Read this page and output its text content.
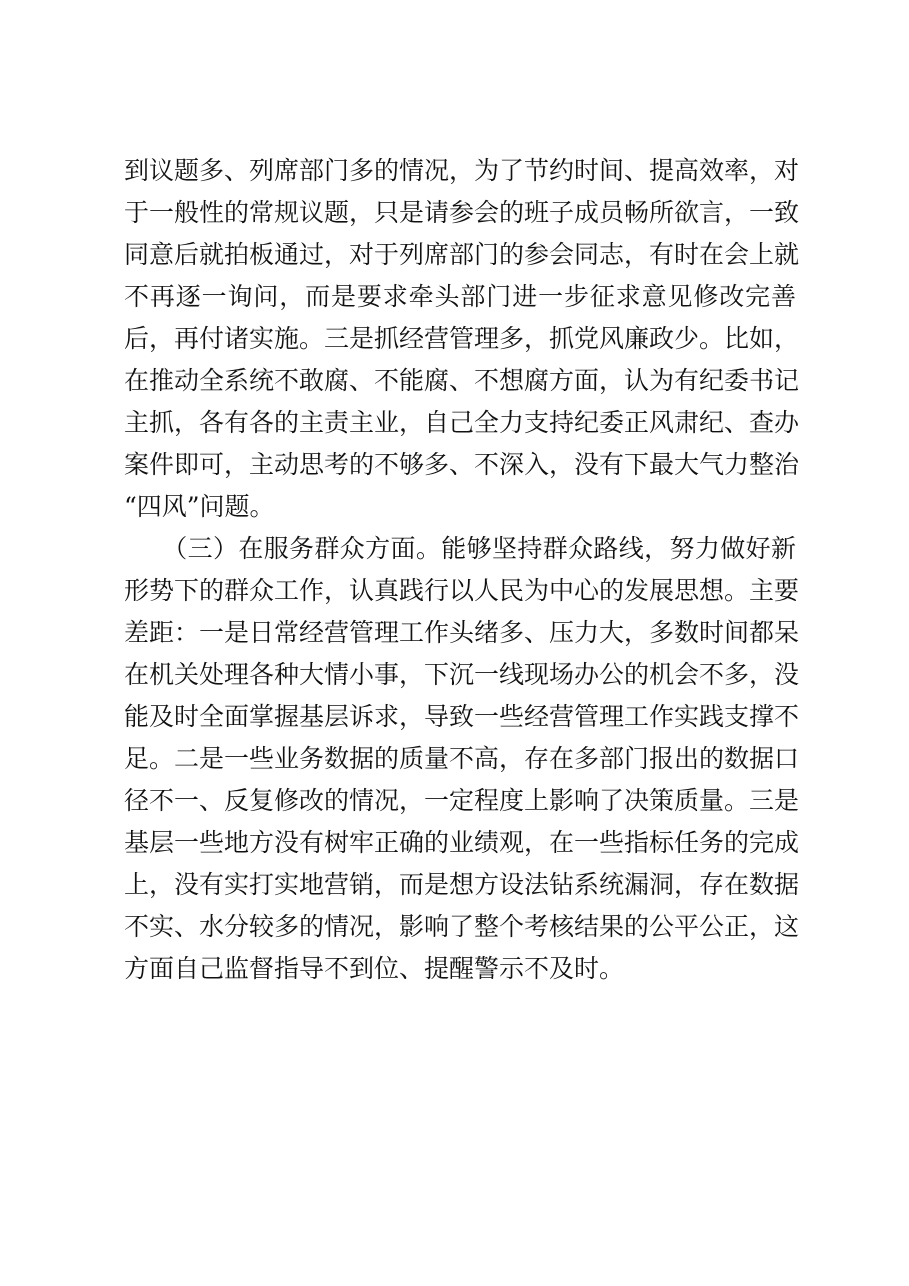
到议题多、列席部门多的情况，为了节约时间、提高效率，对
于一般性的常规议题，只是请参会的班子成员畅所欲言，一致
同意后就拍板通过，对于列席部门的参会同志，有时在会上就
不再逐一询问，而是要求牵头部门进一步征求意见修改完善
后，再付诸实施。三是抓经营管理多，抓党风廉政少。比如，
在推动全系统不敢腐、不能腐、不想腐方面，认为有纪委书记
主抓，各有各的主责主业，自己全力支持纪委正风肃纪、查办
案件即可，主动思考的不够多、不深入，没有下最大气力整治
“四风”问题。
　　（三）在服务群众方面。能够坚持群众路线，努力做好新
形势下的群众工作，认真践行以人民为中心的发展思想。主要
差距：一是日常经营管理工作头绪多、压力大，多数时间都呆
在机关处理各种大情小事，下沉一线现场办公的机会不多，没
能及时全面掌握基层诉求，导致一些经营管理工作实践支撑不
足。二是一些业务数据的质量不高，存在多部门报出的数据口
径不一、反复修改的情况，一定程度上影响了决策质量。三是
基层一些地方没有树牢正确的业绩观，在一些指标任务的完成
上，没有实打实地营销，而是想方设法钻系统漏洞，存在数据
不实、水分较多的情况，影响了整个考核结果的公平公正，这
方面自己监督指导不到位、提醒警示不及时。
